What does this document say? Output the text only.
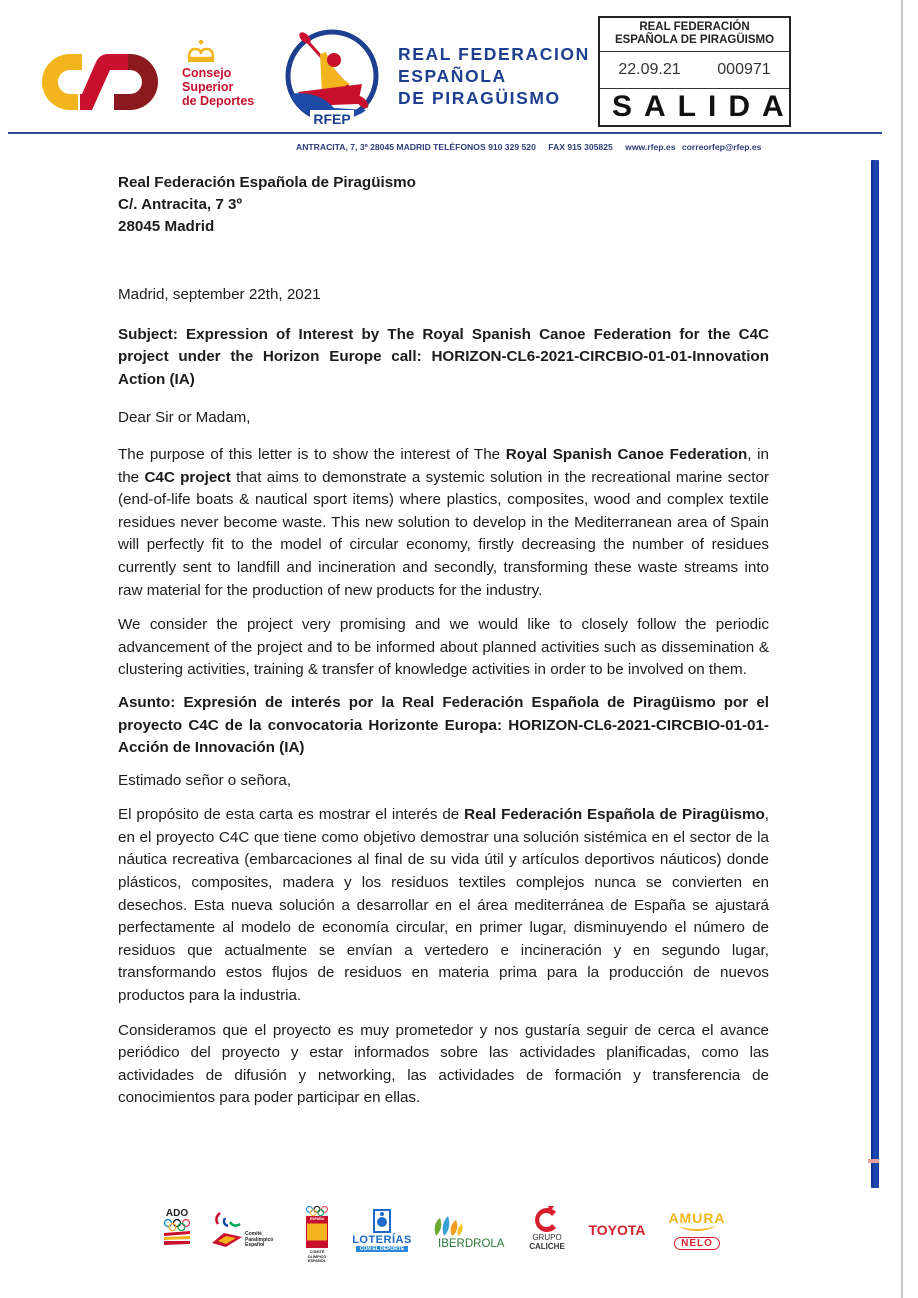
Consejo
Superior
de Deportes
RFEP
REAL FEDERACION
ESPAÑOLA
DE PIRAGÜISMO
REAL FEDERACIÓN
ESPAÑOLA DE PIRAGÜISMO
22.09.21 000971
SALIDA
ANTRACITA, 7, 3º 28045 MADRID TELÉFONOS 910 329 520 FAX 915 305825 www.rfep.es correorfep@rfep.es
Real Federación Española de Piragüismo
C/. Antracita, 7 3º
28045 Madrid

Madrid, september 22th, 2021

Subject: Expression of Interest by The Royal Spanish Canoe Federation for the C4C project under the Horizon Europe call: HORIZON-CL6-2021-CIRCBIO-01-01-Innovation Action (IA)

Dear Sir or Madam,

The purpose of this letter is to show the interest of The Royal Spanish Canoe Federation, in the C4C project that aims to demonstrate a systemic solution in the recreational marine sector (end-of-life boats & nautical sport items) where plastics, composites, wood and complex textile residues never become waste. This new solution to develop in the Mediterranean area of Spain will perfectly fit to the model of circular economy, firstly decreasing the number of residues currently sent to landfill and incineration and secondly, transforming these waste streams into raw material for the production of new products for the industry.

We consider the project very promising and we would like to closely follow the periodic advancement of the project and to be informed about planned activities such as dissemination & clustering activities, training & transfer of knowledge activities in order to be involved on them.

Asunto: Expresión de interés por la Real Federación Española de Piragüismo por el proyecto C4C de la convocatoria Horizonte Europa: HORIZON-CL6-2021-CIRCBIO-01-01-Acción de Innovación (IA)

Estimado señor o señora,

El propósito de esta carta es mostrar el interés de Real Federación Española de Piragüismo, en el proyecto C4C que tiene como objetivo demostrar una solución sistémica en el sector de la náutica recreativa (embarcaciones al final de su vida útil y artículos deportivos náuticos) donde plásticos, composites, madera y los residuos textiles complejos nunca se convierten en desechos. Esta nueva solución a desarrollar en el área mediterránea de España se ajustará perfectamente al modelo de economía circular, en primer lugar, disminuyendo el número de residuos que actualmente se envían a vertedero e incineración y en segundo lugar, transformando estos flujos de residuos en materia prima para la producción de nuevos productos para la industria.

Consideramos que el proyecto es muy prometedor y nos gustaría seguir de cerca el avance periódico del proyecto y estar informados sobre las actividades planificadas, como las actividades de difusión y networking, las actividades de formación y transferencia de conocimientos para poder participar en ellas.

ADO
Comité
Paralímpico
Español
ESPAÑA
COMITÉ OLÍMPICO
ESPAÑOL
LOTERÍAS
CON EL DEPORTE	IBERDROLA
GRUPO
CALICHE
TOYOTA
AMURA
NELO
